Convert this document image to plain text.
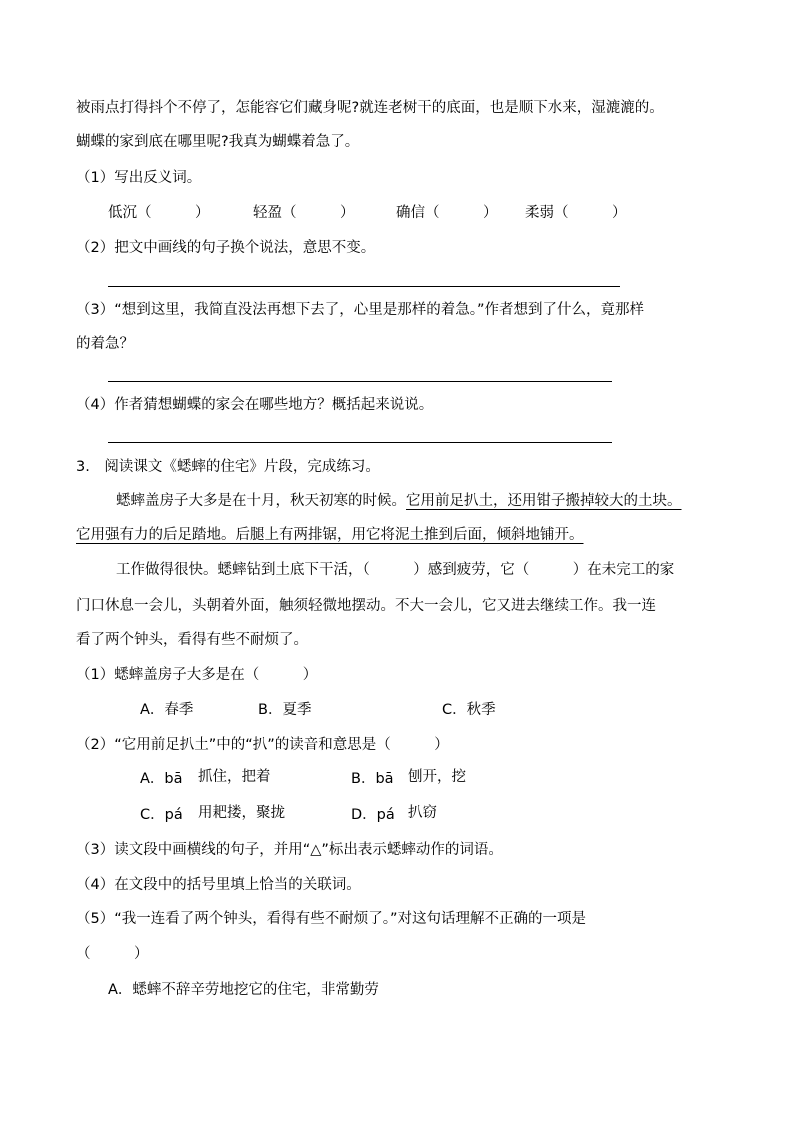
被雨点打得抖个不停了，怎能容它们藏身呢?就连老树干的底面，也是顺下水来，湿漉漉的。
蝴蝶的家到底在哪里呢?我真为蝴蝶着急了。
（1）写出反义词。
低沉（　　　）	轻盈（　　　）	确信（　　　） 柔弱（　　　）
（2）把文中画线的句子换个说法，意思不变。
（3）“想到这里，我简直没法再想下去了，心里是那样的着急。”作者想到了什么，竟那样
的着急？
（4）作者猜想蝴蝶的家会在哪些地方？概括起来说说。
3.　阅读课文《蟋蟀的住宅》片段，完成练习。
蟋蟀盖房子大多是在十月，秋天初寒的时候。它用前足扒土，还用钳子搬掉较大的土块。
它用强有力的后足踏地。后腿上有两排锯，用它将泥土推到后面，倾斜地铺开。
工作做得很快。蟋蟀钻到土底下干活，（　　　）感到疲劳，它（　　　）在未完工的家
门口休息一会儿，头朝着外面，触须轻微地摆动。不大一会儿，它又进去继续工作。我一连
看了两个钟头，看得有些不耐烦了。
（1）蟋蟀盖房子大多是在（　　　）
A．春季	B．夏季	C．秋季
（2）“它用前足扒土”中的“扒”的读音和意思是（　　　）
A．bā 抓住，把着	B．bā 刨开，挖
C．pá 用耙搂，聚拢	D．pá 扒窃
（3）读文段中画横线的句子，并用“△”标出表示蟋蟀动作的词语。
（4）在文段中的括号里填上恰当的关联词。
（5）“我一连看了两个钟头，看得有些不耐烦了。”对这句话理解不正确的一项是
（　　　）
A．蟋蟀不辞辛劳地挖它的住宅，非常勤劳
